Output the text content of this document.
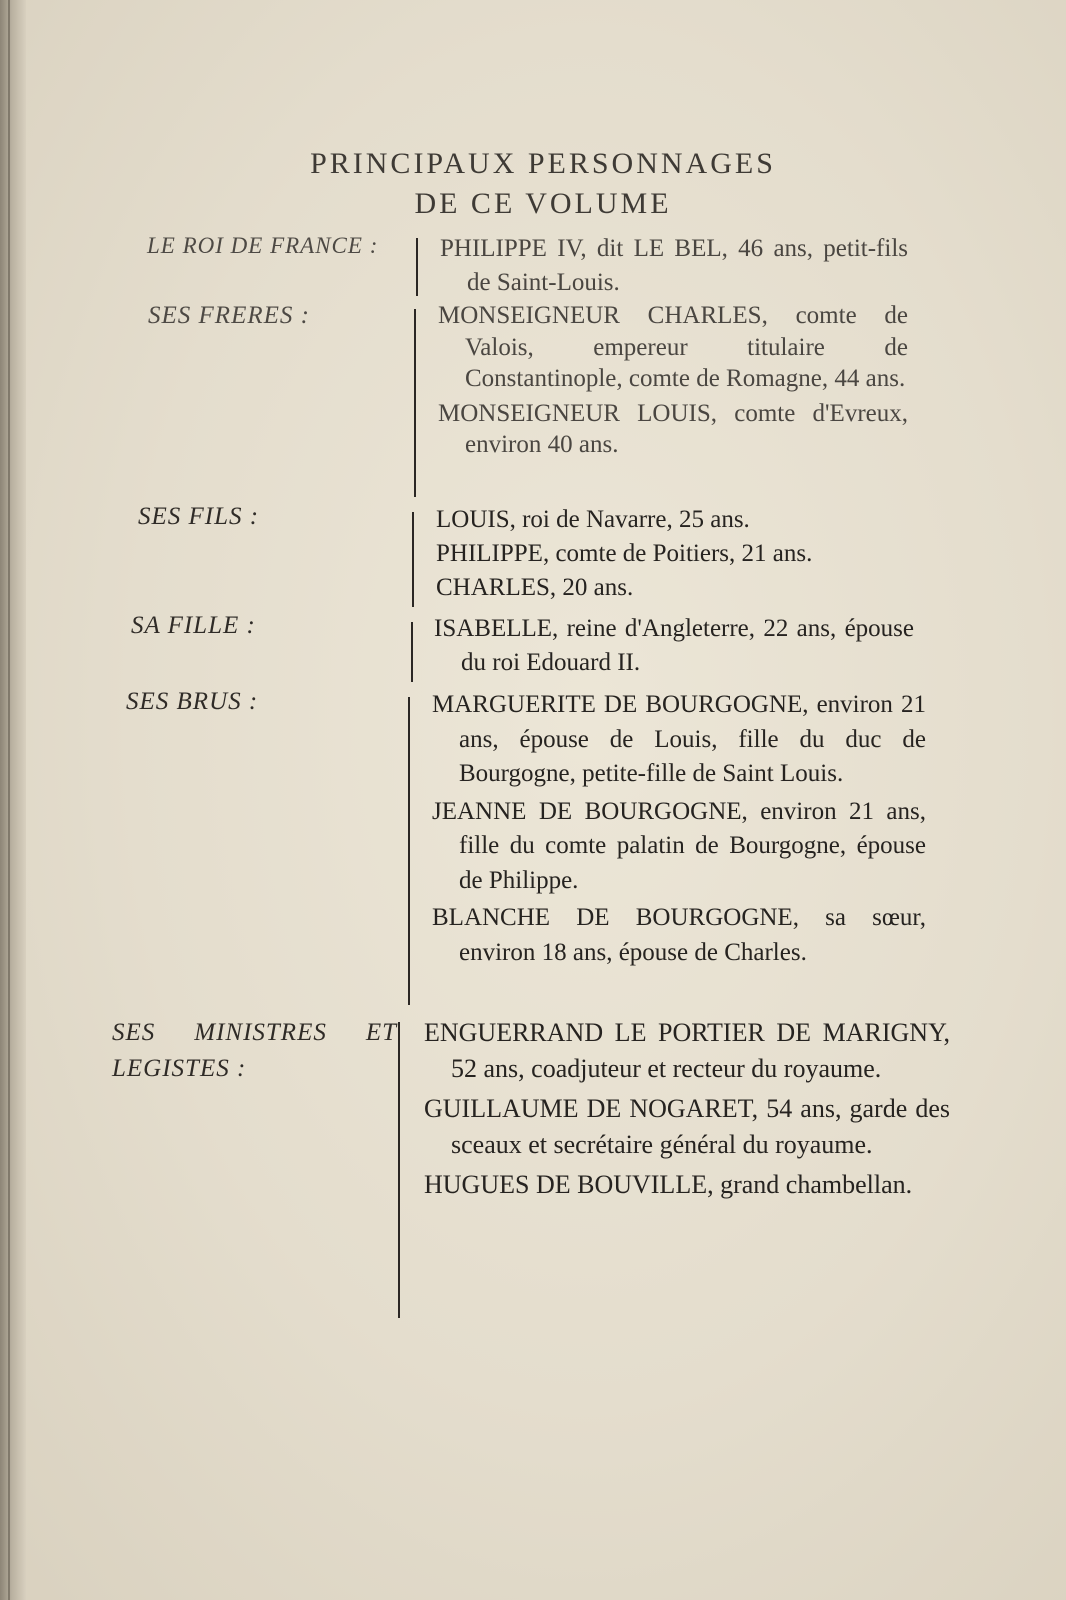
PRINCIPAUX PERSONNAGES
DE CE VOLUME
LE ROI DE FRANCE : PHILIPPE IV, dit LE BEL, 46 ans, petit-fils de Saint-Louis.

SES FRERES :	MONSEIGNEUR CHARLES, comte de Valois, empereur titulaire de Constantinople, comte de Romagne, 44 ans.

MONSEIGNEUR LOUIS, comte d'Evreux, environ 40 ans.

SES FILS :	LOUIS, roi de Navarre, 25 ans.

PHILIPPE, comte de Poitiers, 21 ans.

CHARLES, 20 ans.

SA FILLE :	ISABELLE, reine d'Angleterre, 22 ans, épouse du roi Edouard II.

SES BRUS :	MARGUERITE DE BOURGOGNE, environ 21 ans, épouse de Louis, fille du duc de Bourgogne, petite-fille de Saint Louis.

JEANNE DE BOURGOGNE, environ 21 ans, fille du comte palatin de Bourgogne, épouse de Philippe.

BLANCHE DE BOURGOGNE, sa sœur, environ 18 ans, épouse de Charles.

SES MINISTRES ET LEGISTES :

ENGUERRAND LE PORTIER DE MARIGNY, 52 ans, coadjuteur et recteur du royaume.

GUILLAUME DE NOGARET, 54 ans, garde des sceaux et secrétaire général du royaume.

HUGUES DE BOUVILLE, grand chambellan.
